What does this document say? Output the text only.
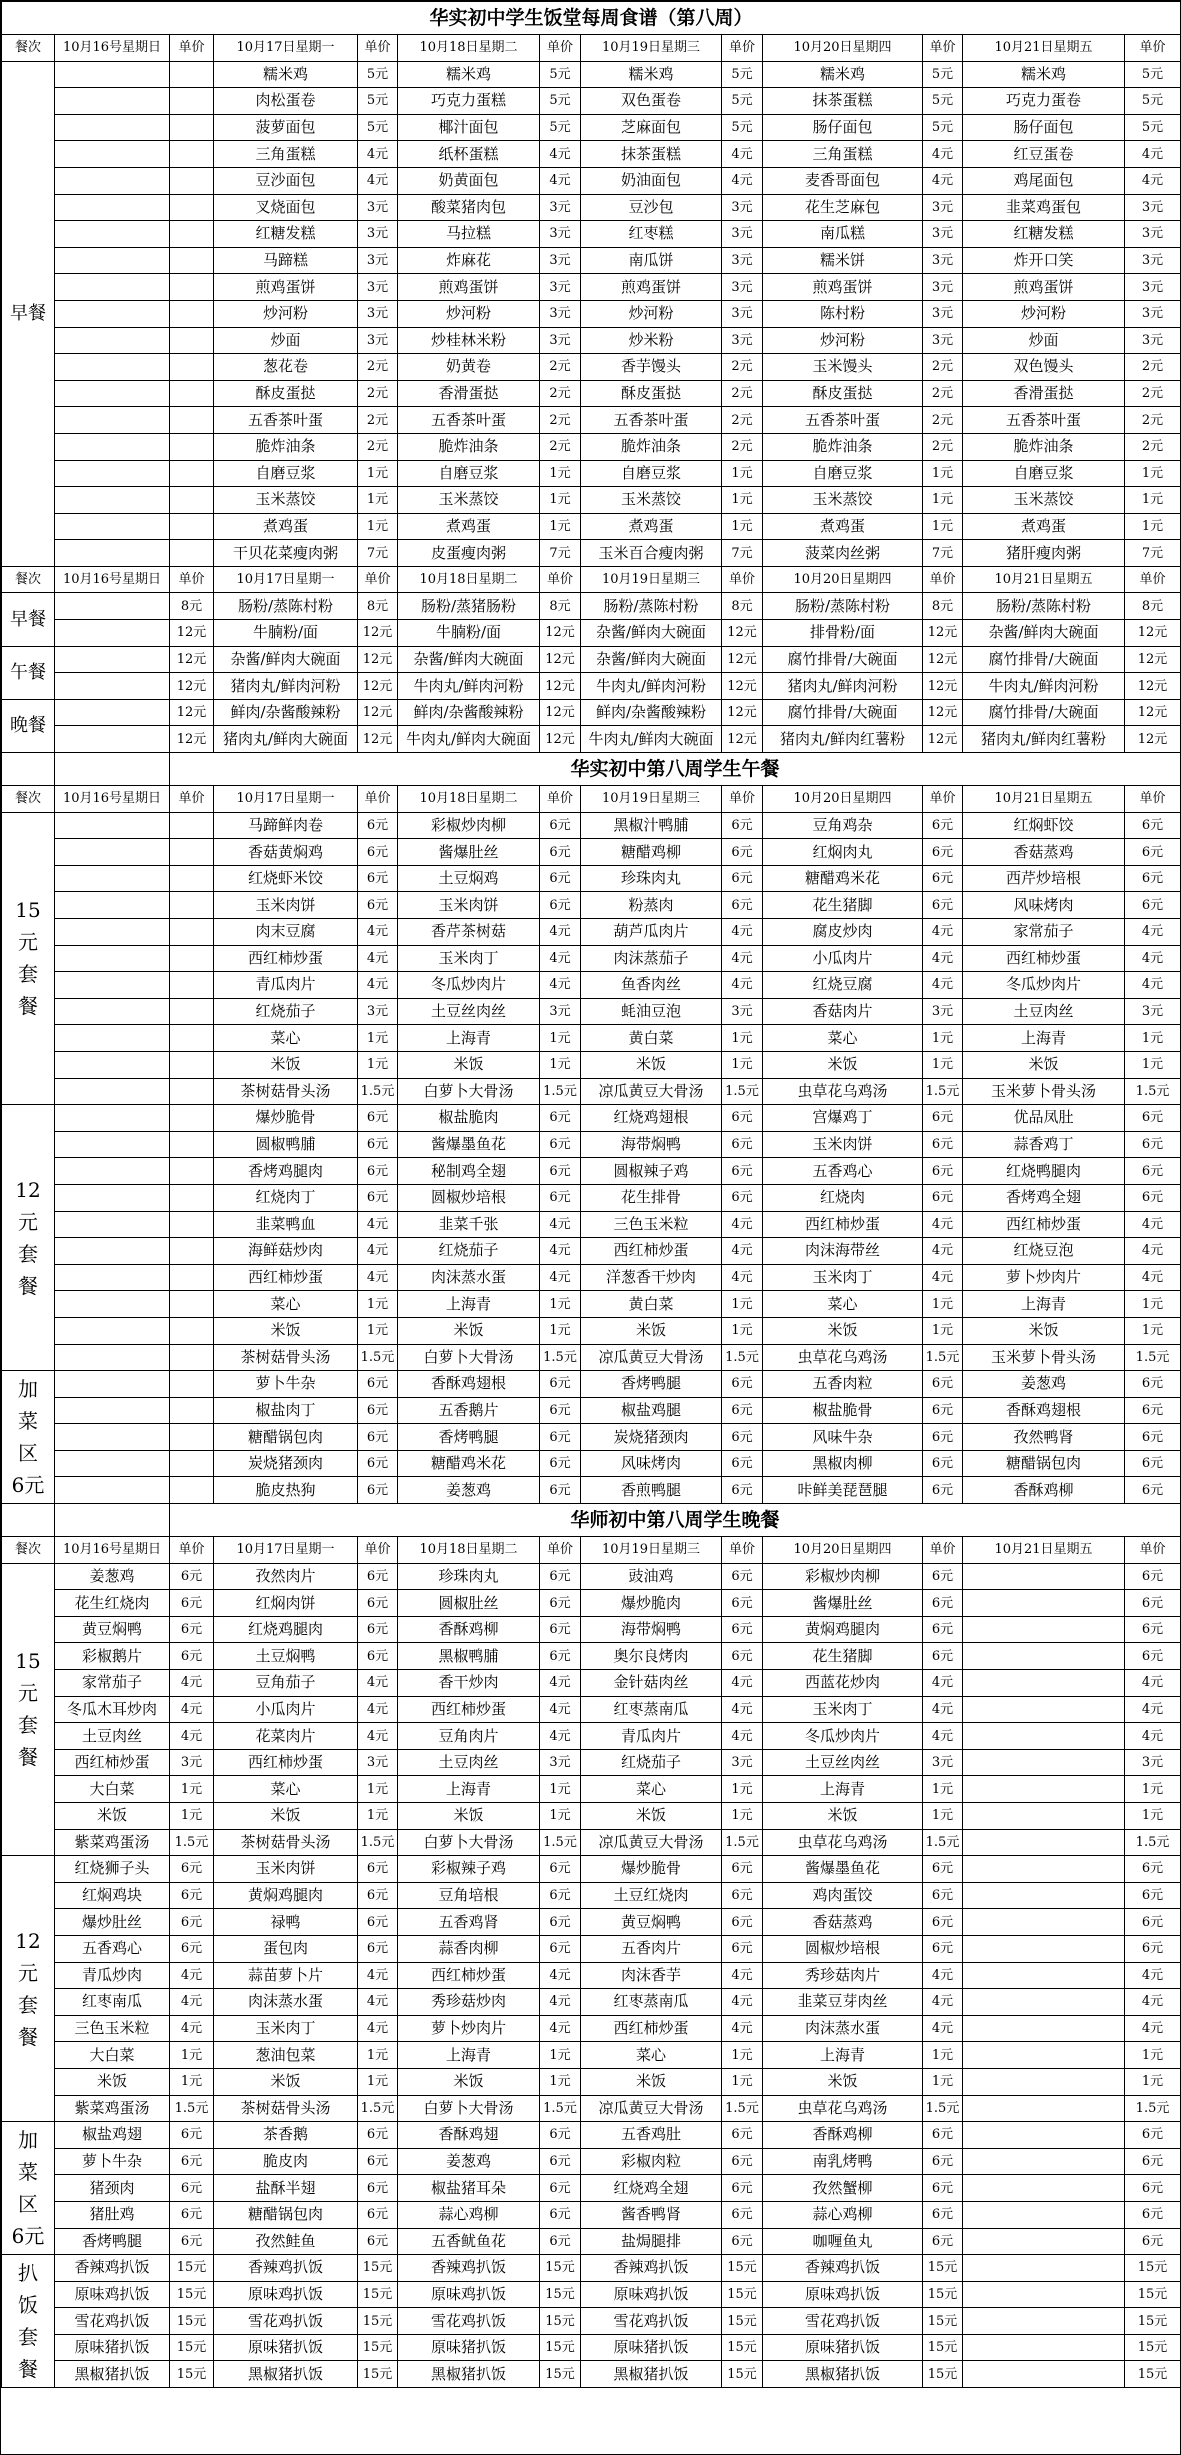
华实初中学生饭堂每周食谱（第八周）												
餐次	10月16号星期日	单价	10月17日星期一	单价	10月18日星期二	单价	10月19日星期三	单价	10月20日星期四	单价	10月21日星期五	单价
早餐			糯米鸡	5元	糯米鸡	5元	糯米鸡	5元	糯米鸡	5元	糯米鸡	5元
			肉松蛋卷	5元	巧克力蛋糕	5元	双色蛋卷	5元	抹茶蛋糕	5元	巧克力蛋卷	5元
			菠萝面包	5元	椰汁面包	5元	芝麻面包	5元	肠仔面包	5元	肠仔面包	5元
			三角蛋糕	4元	纸杯蛋糕	4元	抹茶蛋糕	4元	三角蛋糕	4元	红豆蛋卷	4元
			豆沙面包	4元	奶黄面包	4元	奶油面包	4元	麦香哥面包	4元	鸡尾面包	4元
			叉烧面包	3元	酸菜猪肉包	3元	豆沙包	3元	花生芝麻包	3元	韭菜鸡蛋包	3元
			红糖发糕	3元	马拉糕	3元	红枣糕	3元	南瓜糕	3元	红糖发糕	3元
			马蹄糕	3元	炸麻花	3元	南瓜饼	3元	糯米饼	3元	炸开口笑	3元
			煎鸡蛋饼	3元	煎鸡蛋饼	3元	煎鸡蛋饼	3元	煎鸡蛋饼	3元	煎鸡蛋饼	3元
			炒河粉	3元	炒河粉	3元	炒河粉	3元	陈村粉	3元	炒河粉	3元
			炒面	3元	炒桂林米粉	3元	炒米粉	3元	炒河粉	3元	炒面	3元
			葱花卷	2元	奶黄卷	2元	香芋馒头	2元	玉米馒头	2元	双色馒头	2元
			酥皮蛋挞	2元	香滑蛋挞	2元	酥皮蛋挞	2元	酥皮蛋挞	2元	香滑蛋挞	2元
			五香茶叶蛋	2元	五香茶叶蛋	2元	五香茶叶蛋	2元	五香茶叶蛋	2元	五香茶叶蛋	2元
			脆炸油条	2元	脆炸油条	2元	脆炸油条	2元	脆炸油条	2元	脆炸油条	2元
			自磨豆浆	1元	自磨豆浆	1元	自磨豆浆	1元	自磨豆浆	1元	自磨豆浆	1元
			玉米蒸饺	1元	玉米蒸饺	1元	玉米蒸饺	1元	玉米蒸饺	1元	玉米蒸饺	1元
			煮鸡蛋	1元	煮鸡蛋	1元	煮鸡蛋	1元	煮鸡蛋	1元	煮鸡蛋	1元
			干贝花菜瘦肉粥	7元	皮蛋瘦肉粥	7元	玉米百合瘦肉粥	7元	菠菜肉丝粥	7元	猪肝瘦肉粥	7元
餐次	10月16号星期日	单价	10月17日星期一	单价	10月18日星期二	单价	10月19日星期三	单价	10月20日星期四	单价	10月21日星期五	单价
早餐		8元	肠粉/蒸陈村粉	8元	肠粉/蒸猪肠粉	8元	肠粉/蒸陈村粉	8元	肠粉/蒸陈村粉	8元	肠粉/蒸陈村粉	8元
		12元	牛腩粉/面	12元	牛腩粉/面	12元	杂酱/鲜肉大碗面	12元	排骨粉/面	12元	杂酱/鲜肉大碗面	12元
午餐		12元	杂酱/鲜肉大碗面	12元	杂酱/鲜肉大碗面	12元	杂酱/鲜肉大碗面	12元	腐竹排骨/大碗面	12元	腐竹排骨/大碗面	12元
		12元	猪肉丸/鲜肉河粉	12元	牛肉丸/鲜肉河粉	12元	牛肉丸/鲜肉河粉	12元	猪肉丸/鲜肉河粉	12元	牛肉丸/鲜肉河粉	12元
晚餐		12元	鲜肉/杂酱酸辣粉	12元	鲜肉/杂酱酸辣粉	12元	鲜肉/杂酱酸辣粉	12元	腐竹排骨/大碗面	12元	腐竹排骨/大碗面	12元
		12元	猪肉丸/鲜肉大碗面	12元	牛肉丸/鲜肉大碗面	12元	牛肉丸/鲜肉大碗面	12元	猪肉丸/鲜肉红薯粉	12元	猪肉丸/鲜肉红薯粉	12元
		华实初中第八周学生午餐										
餐次	10月16号星期日	单价	10月17日星期一	单价	10月18日星期二	单价	10月19日星期三	单价	10月20日星期四	单价	10月21日星期五	单价
15
元
套
餐			马蹄鲜肉卷	6元	彩椒炒肉柳	6元	黑椒汁鸭脯	6元	豆角鸡杂	6元	红焖虾饺	6元
			香菇黄焖鸡	6元	酱爆肚丝	6元	糖醋鸡柳	6元	红焖肉丸	6元	香菇蒸鸡	6元
			红烧虾米饺	6元	土豆焖鸡	6元	珍珠肉丸	6元	糖醋鸡米花	6元	西芹炒培根	6元
			玉米肉饼	6元	玉米肉饼	6元	粉蒸肉	6元	花生猪脚	6元	风味烤肉	6元
			肉末豆腐	4元	香芹茶树菇	4元	葫芦瓜肉片	4元	腐皮炒肉	4元	家常茄子	4元
			西红柿炒蛋	4元	玉米肉丁	4元	肉沫蒸茄子	4元	小瓜肉片	4元	西红柿炒蛋	4元
			青瓜肉片	4元	冬瓜炒肉片	4元	鱼香肉丝	4元	红烧豆腐	4元	冬瓜炒肉片	4元
			红烧茄子	3元	土豆丝肉丝	3元	蚝油豆泡	3元	香菇肉片	3元	土豆肉丝	3元
			菜心	1元	上海青	1元	黄白菜	1元	菜心	1元	上海青	1元
			米饭	1元	米饭	1元	米饭	1元	米饭	1元	米饭	1元
			茶树菇骨头汤	1.5元	白萝卜大骨汤	1.5元	凉瓜黄豆大骨汤	1.5元	虫草花乌鸡汤	1.5元	玉米萝卜骨头汤	1.5元
12
元
套
餐			爆炒脆骨	6元	椒盐脆肉	6元	红烧鸡翅根	6元	宫爆鸡丁	6元	优品凤肚	6元
			圆椒鸭脯	6元	酱爆墨鱼花	6元	海带焖鸭	6元	玉米肉饼	6元	蒜香鸡丁	6元
			香烤鸡腿肉	6元	秘制鸡全翅	6元	圆椒辣子鸡	6元	五香鸡心	6元	红烧鸭腿肉	6元
			红烧肉丁	6元	圆椒炒培根	6元	花生排骨	6元	红烧肉	6元	香烤鸡全翅	6元
			韭菜鸭血	4元	韭菜千张	4元	三色玉米粒	4元	西红柿炒蛋	4元	西红柿炒蛋	4元
			海鲜菇炒肉	4元	红烧茄子	4元	西红柿炒蛋	4元	肉沫海带丝	4元	红烧豆泡	4元
			西红柿炒蛋	4元	肉沫蒸水蛋	4元	洋葱香干炒肉	4元	玉米肉丁	4元	萝卜炒肉片	4元
			菜心	1元	上海青	1元	黄白菜	1元	菜心	1元	上海青	1元
			米饭	1元	米饭	1元	米饭	1元	米饭	1元	米饭	1元
			茶树菇骨头汤	1.5元	白萝卜大骨汤	1.5元	凉瓜黄豆大骨汤	1.5元	虫草花乌鸡汤	1.5元	玉米萝卜骨头汤	1.5元
加
菜
区
6元			萝卜牛杂	6元	香酥鸡翅根	6元	香烤鸭腿	6元	五香肉粒	6元	姜葱鸡	6元
			椒盐肉丁	6元	五香鹅片	6元	椒盐鸡腿	6元	椒盐脆骨	6元	香酥鸡翅根	6元
			糖醋锅包肉	6元	香烤鸭腿	6元	炭烧猪颈肉	6元	风味牛杂	6元	孜然鸭肾	6元
			炭烧猪颈肉	6元	糖醋鸡米花	6元	风味烤肉	6元	黑椒肉柳	6元	糖醋锅包肉	6元
			脆皮热狗	6元	姜葱鸡	6元	香煎鸭腿	6元	咔鲜美琵琶腿	6元	香酥鸡柳	6元
		华师初中第八周学生晚餐										
餐次	10月16号星期日	单价	10月17日星期一	单价	10月18日星期二	单价	10月19日星期三	单价	10月20日星期四	单价	10月21日星期五	单价
15
元
套
餐	姜葱鸡	6元	孜然肉片	6元	珍珠肉丸	6元	豉油鸡	6元	彩椒炒肉柳	6元		6元
	花生红烧肉	6元	红焖肉饼	6元	圆椒肚丝	6元	爆炒脆肉	6元	酱爆肚丝	6元		6元
	黄豆焖鸭	6元	红烧鸡腿肉	6元	香酥鸡柳	6元	海带焖鸭	6元	黄焖鸡腿肉	6元		6元
	彩椒鹅片	6元	土豆焖鸭	6元	黑椒鸭脯	6元	奥尔良烤肉	6元	花生猪脚	6元		6元
	家常茄子	4元	豆角茄子	4元	香干炒肉	4元	金针菇肉丝	4元	西蓝花炒肉	4元		4元
	冬瓜木耳炒肉	4元	小瓜肉片	4元	西红柿炒蛋	4元	红枣蒸南瓜	4元	玉米肉丁	4元		4元
	土豆肉丝	4元	花菜肉片	4元	豆角肉片	4元	青瓜肉片	4元	冬瓜炒肉片	4元		4元
	西红柿炒蛋	3元	西红柿炒蛋	3元	土豆肉丝	3元	红烧茄子	3元	土豆丝肉丝	3元		3元
	大白菜	1元	菜心	1元	上海青	1元	菜心	1元	上海青	1元		1元
	米饭	1元	米饭	1元	米饭	1元	米饭	1元	米饭	1元		1元
	紫菜鸡蛋汤	1.5元	茶树菇骨头汤	1.5元	白萝卜大骨汤	1.5元	凉瓜黄豆大骨汤	1.5元	虫草花乌鸡汤	1.5元		1.5元
12
元
套
餐	红烧狮子头	6元	玉米肉饼	6元	彩椒辣子鸡	6元	爆炒脆骨	6元	酱爆墨鱼花	6元		6元
	红焖鸡块	6元	黄焖鸡腿肉	6元	豆角培根	6元	土豆红烧肉	6元	鸡肉蛋饺	6元		6元
	爆炒肚丝	6元	禄鸭	6元	五香鸡肾	6元	黄豆焖鸭	6元	香菇蒸鸡	6元		6元
	五香鸡心	6元	蛋包肉	6元	蒜香肉柳	6元	五香肉片	6元	圆椒炒培根	6元		6元
	青瓜炒肉	4元	蒜苗萝卜片	4元	西红柿炒蛋	4元	肉沫香芋	4元	秀珍菇肉片	4元		4元
	红枣南瓜	4元	肉沫蒸水蛋	4元	秀珍菇炒肉	4元	红枣蒸南瓜	4元	韭菜豆芽肉丝	4元		4元
	三色玉米粒	4元	玉米肉丁	4元	萝卜炒肉片	4元	西红柿炒蛋	4元	肉沫蒸水蛋	4元		4元
	大白菜	1元	葱油包菜	1元	上海青	1元	菜心	1元	上海青	1元		1元
	米饭	1元	米饭	1元	米饭	1元	米饭	1元	米饭	1元		1元
	紫菜鸡蛋汤	1.5元	茶树菇骨头汤	1.5元	白萝卜大骨汤	1.5元	凉瓜黄豆大骨汤	1.5元	虫草花乌鸡汤	1.5元		1.5元
加
菜
区
6元	椒盐鸡翅	6元	茶香鹅	6元	香酥鸡翅	6元	五香鸡肚	6元	香酥鸡柳	6元		6元
	萝卜牛杂	6元	脆皮肉	6元	姜葱鸡	6元	彩椒肉粒	6元	南乳烤鸭	6元		6元
	猪颈肉	6元	盐酥半翅	6元	椒盐猪耳朵	6元	红烧鸡全翅	6元	孜然蟹柳	6元		6元
	猪肚鸡	6元	糖醋锅包肉	6元	蒜心鸡柳	6元	酱香鸭肾	6元	蒜心鸡柳	6元		6元
	香烤鸭腿	6元	孜然鲑鱼	6元	五香鱿鱼花	6元	盐焗腿排	6元	咖喱鱼丸	6元		6元
扒
饭
套
餐	香辣鸡扒饭	15元	香辣鸡扒饭	15元	香辣鸡扒饭	15元	香辣鸡扒饭	15元	香辣鸡扒饭	15元		15元
	原味鸡扒饭	15元	原味鸡扒饭	15元	原味鸡扒饭	15元	原味鸡扒饭	15元	原味鸡扒饭	15元		15元
	雪花鸡扒饭	15元	雪花鸡扒饭	15元	雪花鸡扒饭	15元	雪花鸡扒饭	15元	雪花鸡扒饭	15元		15元
	原味猪扒饭	15元	原味猪扒饭	15元	原味猪扒饭	15元	原味猪扒饭	15元	原味猪扒饭	15元		15元
	黑椒猪扒饭	15元	黑椒猪扒饭	15元	黑椒猪扒饭	15元	黑椒猪扒饭	15元	黑椒猪扒饭	15元		15元
